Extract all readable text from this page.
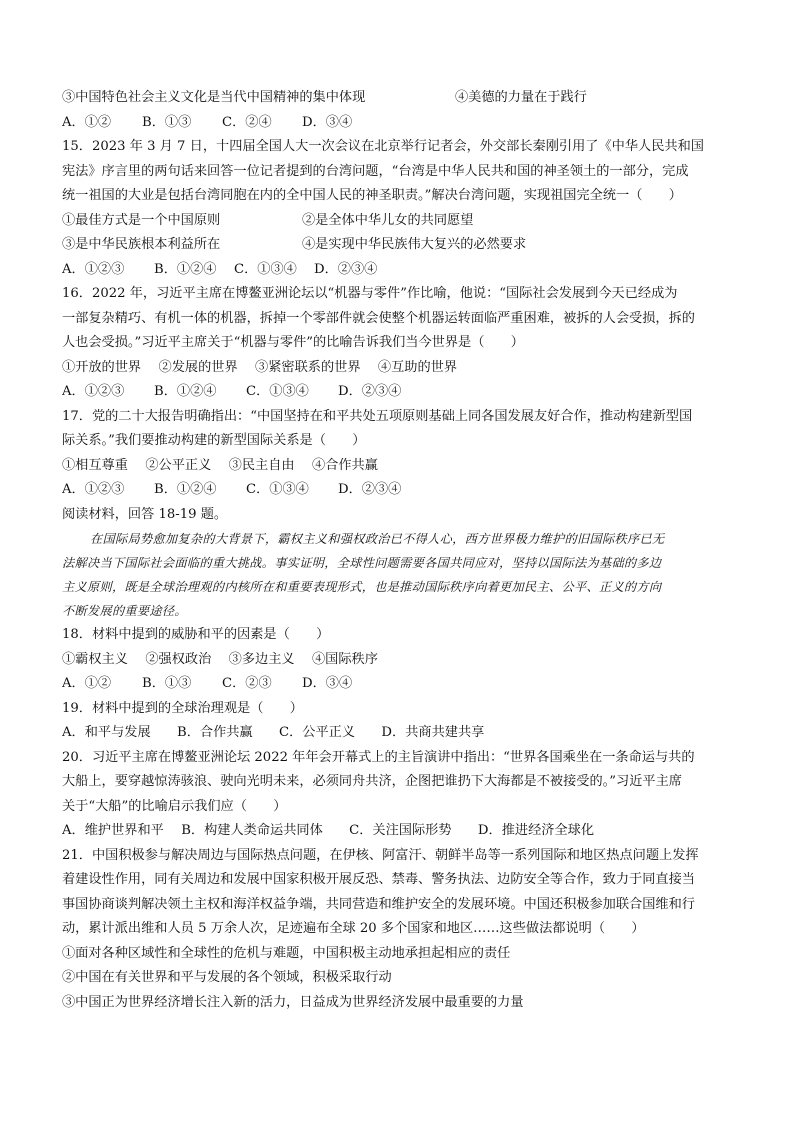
③中国特色社会主义文化是当代中国精神的集中体现	④美德的力量在于践行
A．①②	B．①③	C．②④	D．③④
15．2023 年 3 月 7 日，十四届全国人大一次会议在北京举行记者会，外交部长秦刚引用了《中华人民共和国
宪法》序言里的两句话来回答一位记者提到的台湾问题，“台湾是中华人民共和国的神圣领土的一部分，完成
统一祖国的大业是包括台湾同胞在内的全中国人民的神圣职责。”解决台湾问题，实现祖国完全统一（　　）
①最佳方式是一个中国原则	②是全体中华儿女的共同愿望
③是中华民族根本利益所在	④是实现中华民族伟大复兴的必然要求
A．①②③	B．①②④	C．①③④	D．②③④
16．2022 年，习近平主席在博鳌亚洲论坛以“机器与零件”作比喻，他说：“国际社会发展到今天已经成为
一部复杂精巧、有机一体的机器，拆掉一个零部件就会使整个机器运转面临严重困难，被拆的人会受损，拆的
人也会受损。”习近平主席关于“机器与零件”的比喻告诉我们当今世界是（　　）
①开放的世界　 ②发展的世界　 ③紧密联系的世界　 ④互助的世界
A．①②③	B．①②④	C．①③④	D．②③④
17．党的二十大报告明确指出：“中国坚持在和平共处五项原则基础上同各国发展友好合作，推动构建新型国
际关系。”我们要推动构建的新型国际关系是（　　）
①相互尊重　 ②公平正义　 ③民主自由　 ④合作共赢
A．①②③	B．①②④	C．①③④	D．②③④
阅读材料，回答 18-19 题。
在国际局势愈加复杂的大背景下，霸权主义和强权政治已不得人心，西方世界极力维护的旧国际秩序已无
法解决当下国际社会面临的重大挑战。事实证明，全球性问题需要各国共同应对，坚持以国际法为基础的多边
主义原则，既是全球治理观的内核所在和重要表现形式，也是推动国际秩序向着更加民主、公平、正义的方向
不断发展的重要途径。
18．材料中提到的威胁和平的因素是（　　）
①霸权主义　 ②强权政治　 ③多边主义　 ④国际秩序
A．①②	B．①③	C．②③	D．③④
19．材料中提到的全球治理观是（　　）
A．和平与发展　　B．合作共赢　　C．公平正义　　D．共商共建共享
20．习近平主席在博鳌亚洲论坛 2022 年年会开幕式上的主旨演讲中指出：“世界各国乘坐在一条命运与共的
大船上，要穿越惊涛骇浪、驶向光明未来，必须同舟共济，企图把谁扔下大海都是不被接受的。”习近平主席
关于“大船”的比喻启示我们应（　　）
A．维护世界和平　 B．构建人类命运共同体　　C．关注国际形势　　D．推进经济全球化
21．中国积极参与解决周边与国际热点问题，在伊核、阿富汗、朝鲜半岛等一系列国际和地区热点问题上发挥
着建设性作用，同有关周边和发展中国家积极开展反恐、禁毒、警务执法、边防安全等合作，致力于同直接当
事国协商谈判解决领土主权和海洋权益争端，共同营造和维护安全的发展环境。中国还积极参加联合国维和行
动，累计派出维和人员 5 万余人次，足迹遍布全球 20 多个国家和地区……这些做法都说明（　　）
①面对各种区域性和全球性的危机与难题，中国积极主动地承担起相应的责任
②中国在有关世界和平与发展的各个领域，积极采取行动
③中国正为世界经济增长注入新的活力，日益成为世界经济发展中最重要的力量
